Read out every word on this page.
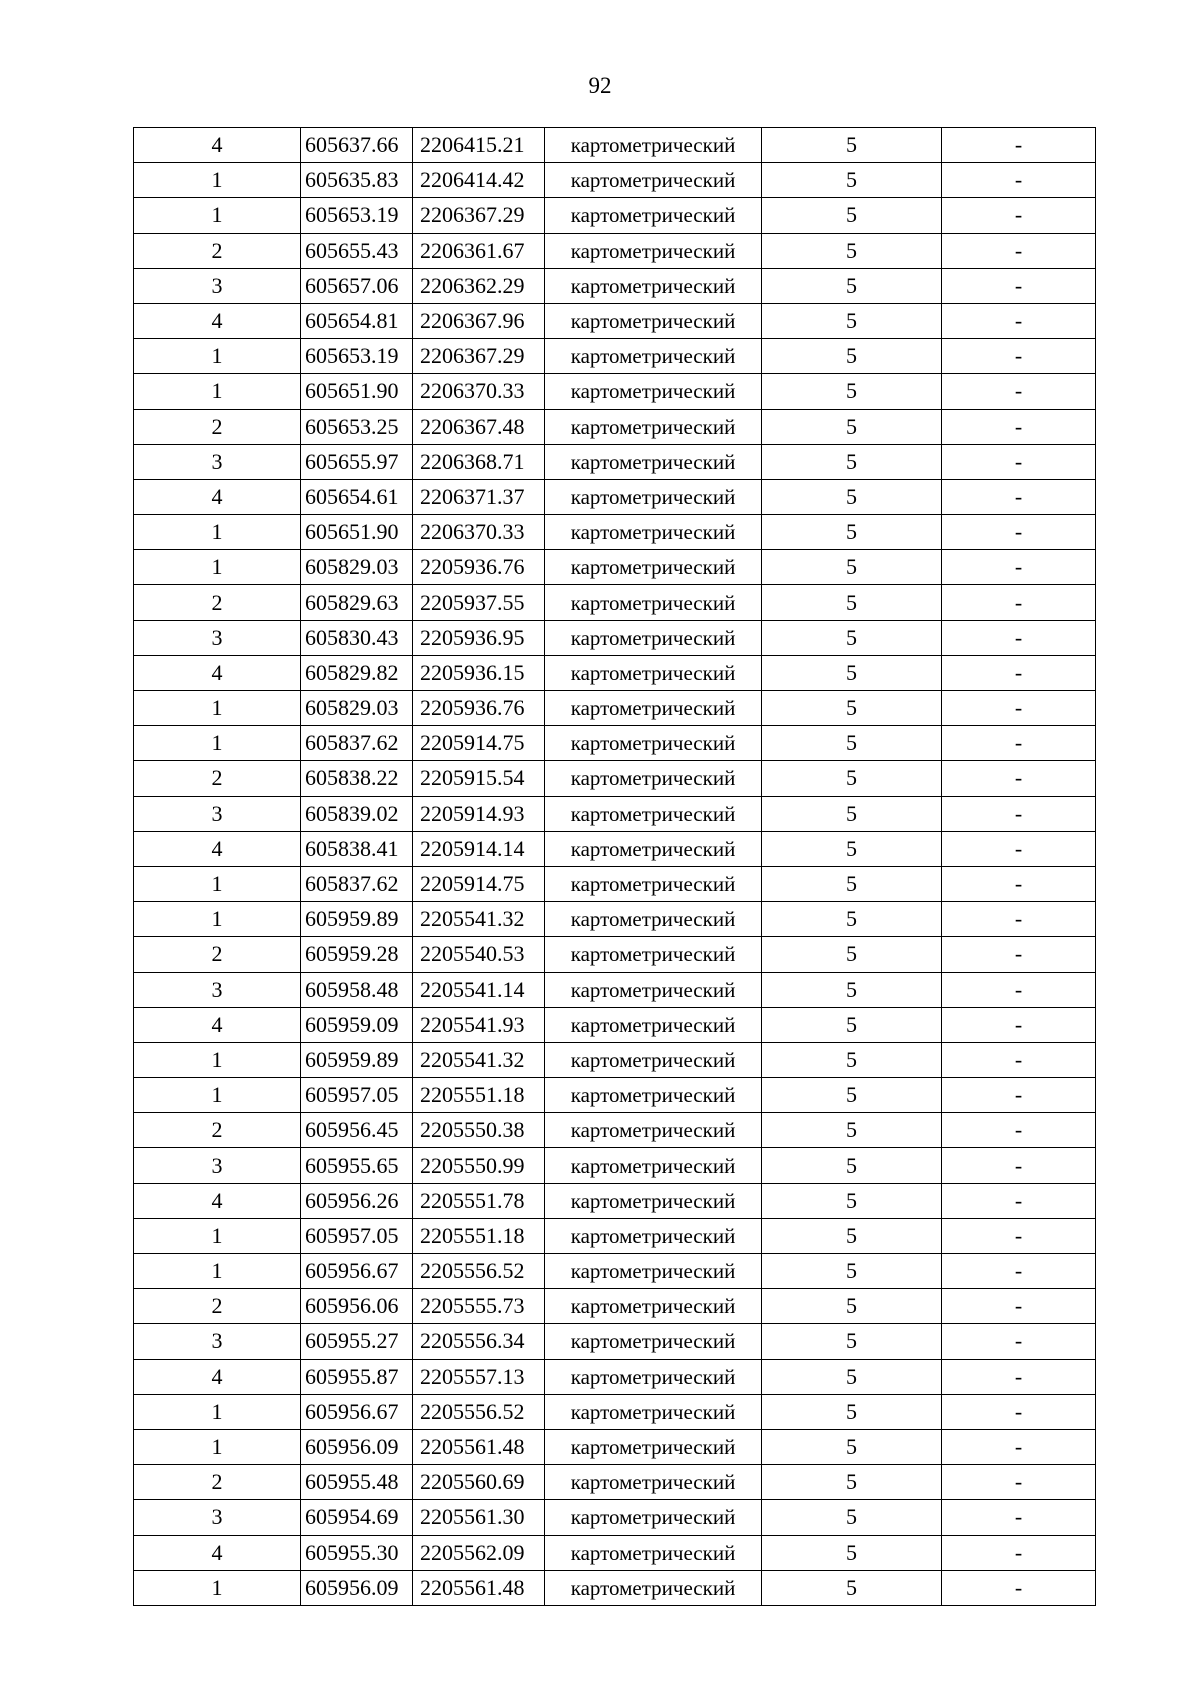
92
4	605637.66	2206415.21	картометрический	5	-
1	605635.83	2206414.42	картометрический	5	-
1	605653.19	2206367.29	картометрический	5	-
2	605655.43	2206361.67	картометрический	5	-
3	605657.06	2206362.29	картометрический	5	-
4	605654.81	2206367.96	картометрический	5	-
1	605653.19	2206367.29	картометрический	5	-
1	605651.90	2206370.33	картометрический	5	-
2	605653.25	2206367.48	картометрический	5	-
3	605655.97	2206368.71	картометрический	5	-
4	605654.61	2206371.37	картометрический	5	-
1	605651.90	2206370.33	картометрический	5	-
1	605829.03	2205936.76	картометрический	5	-
2	605829.63	2205937.55	картометрический	5	-
3	605830.43	2205936.95	картометрический	5	-
4	605829.82	2205936.15	картометрический	5	-
1	605829.03	2205936.76	картометрический	5	-
1	605837.62	2205914.75	картометрический	5	-
2	605838.22	2205915.54	картометрический	5	-
3	605839.02	2205914.93	картометрический	5	-
4	605838.41	2205914.14	картометрический	5	-
1	605837.62	2205914.75	картометрический	5	-
1	605959.89	2205541.32	картометрический	5	-
2	605959.28	2205540.53	картометрический	5	-
3	605958.48	2205541.14	картометрический	5	-
4	605959.09	2205541.93	картометрический	5	-
1	605959.89	2205541.32	картометрический	5	-
1	605957.05	2205551.18	картометрический	5	-
2	605956.45	2205550.38	картометрический	5	-
3	605955.65	2205550.99	картометрический	5	-
4	605956.26	2205551.78	картометрический	5	-
1	605957.05	2205551.18	картометрический	5	-
1	605956.67	2205556.52	картометрический	5	-
2	605956.06	2205555.73	картометрический	5	-
3	605955.27	2205556.34	картометрический	5	-
4	605955.87	2205557.13	картометрический	5	-
1	605956.67	2205556.52	картометрический	5	-
1	605956.09	2205561.48	картометрический	5	-
2	605955.48	2205560.69	картометрический	5	-
3	605954.69	2205561.30	картометрический	5	-
4	605955.30	2205562.09	картометрический	5	-
1	605956.09	2205561.48	картометрический	5	-
